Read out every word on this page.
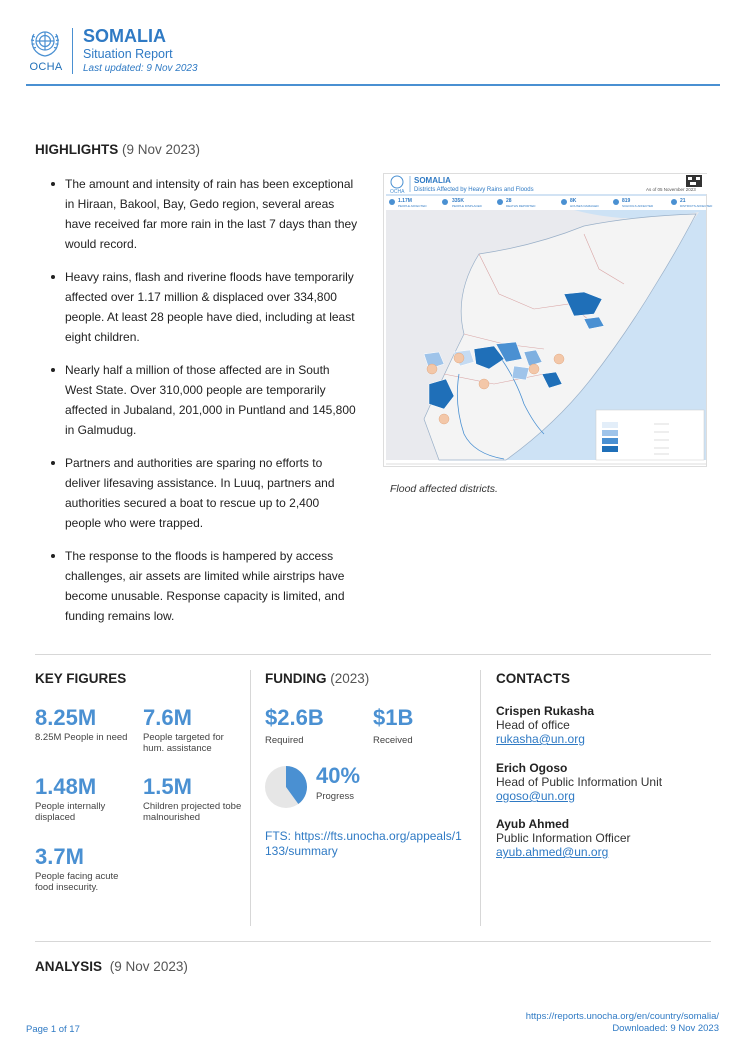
OCHA
SOMALIA
Situation Report
Last updated: 9 Nov 2023
HIGHLIGHTS (9 Nov 2023)
The amount and intensity of rain has been exceptional in Hiraan, Bakool, Bay, Gedo region, several areas have received far more rain in the last 7 days than they would record.
Heavy rains, flash and riverine floods have temporarily affected over 1.17 million & displaced over 334,800 people. At least 28 people have died, including at least eight children.
Nearly half a million of those affected are in South West State. Over 310,000 people are temporarily affected in Jubaland, 201,000 in Puntland and 145,800 in Galmudug.
Partners and authorities are sparing no efforts to deliver lifesaving assistance. In Luuq, partners and authorities secured a boat to rescue up to 2,400 people who were trapped.
The response to the floods is hampered by access challenges, air assets are limited while airstrips have become unusable. Response capacity is limited, and funding remains low.
OCHA
SOMALIA
Districts Affected by Heavy Rains and Floods	As of 05 November 2023
1.17M
PEOPLE AFFECTED
335K
PEOPLE DISPLACED
28
DEATHS REPORTED
8K
HOUSES DAMAGED
819
SCHOOLS AFFECTED
21
DISTRICTS AFFECTED
Flood affected districts.
KEY FIGURES
8.25M
8.25M People in need
7.6M
People targeted for hum. assistance
1.48M
People internally displaced
1.5M
Children projected tobe malnourished
3.7M
People facing acute food insecurity.
FUNDING (2023)
$2.6B
Required
$1B
Received
40%
Progress
FTS: https://fts.unocha.org/appeals/1133/summary
CONTACTS
Crispen Rukasha
Head of office
rukasha@un.org
Erich Ogoso
Head of Public Information Unit
ogoso@un.org
Ayub Ahmed
Public Information Officer
ayub.ahmed@un.org
ANALYSIS (9 Nov 2023)
Page 1 of 17
https://reports.unocha.org/en/country/somalia/
Downloaded: 9 Nov 2023
